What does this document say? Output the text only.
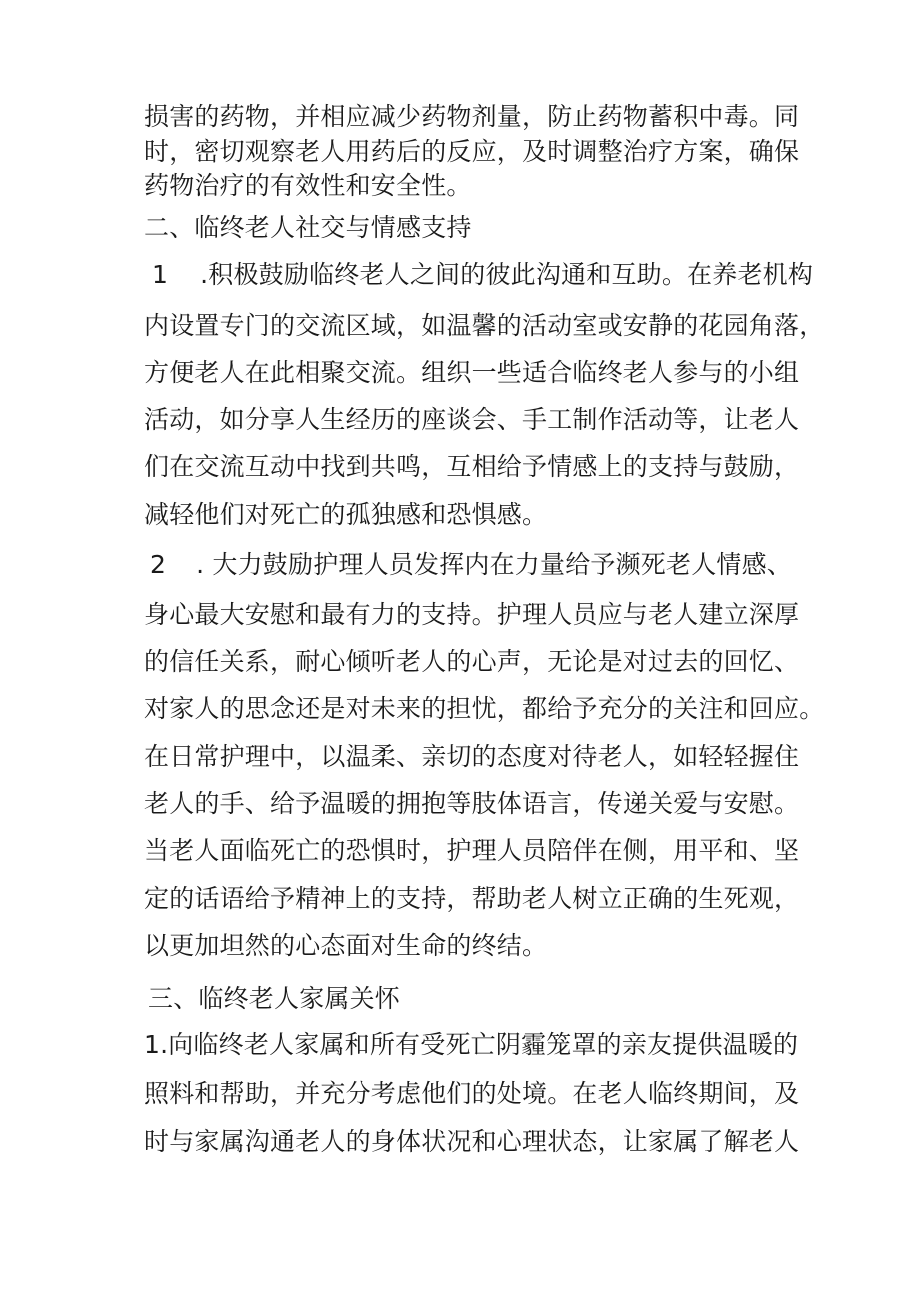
损害的药物，并相应减少药物剂量，防止药物蓄积中毒。同
时，密切观察老人用药后的反应，及时调整治疗方案，确保
药物治疗的有效性和安全性。
二、临终老人社交与情感支持
1 .积极鼓励临终老人之间的彼此沟通和互助。在养老机构
内设置专门的交流区域，如温馨的活动室或安静的花园角落，
方便老人在此相聚交流。组织一些适合临终老人参与的小组
活动，如分享人生经历的座谈会、手工制作活动等，让老人
们在交流互动中找到共鸣，互相给予情感上的支持与鼓励，
减轻他们对死亡的孤独感和恐惧感。
2 . 大力鼓励护理人员发挥内在力量给予濒死老人情感、
身心最大安慰和最有力的支持。护理人员应与老人建立深厚
的信任关系，耐心倾听老人的心声，无论是对过去的回忆、
对家人的思念还是对未来的担忧，都给予充分的关注和回应。
在日常护理中，以温柔、亲切的态度对待老人，如轻轻握住
老人的手、给予温暖的拥抱等肢体语言，传递关爱与安慰。
当老人面临死亡的恐惧时，护理人员陪伴在侧，用平和、坚
定的话语给予精神上的支持，帮助老人树立正确的生死观，
以更加坦然的心态面对生命的终结。
三、临终老人家属关怀
1.向临终老人家属和所有受死亡阴霾笼罩的亲友提供温暖的
照料和帮助，并充分考虑他们的处境。在老人临终期间，及
时与家属沟通老人的身体状况和心理状态，让家属了解老人
